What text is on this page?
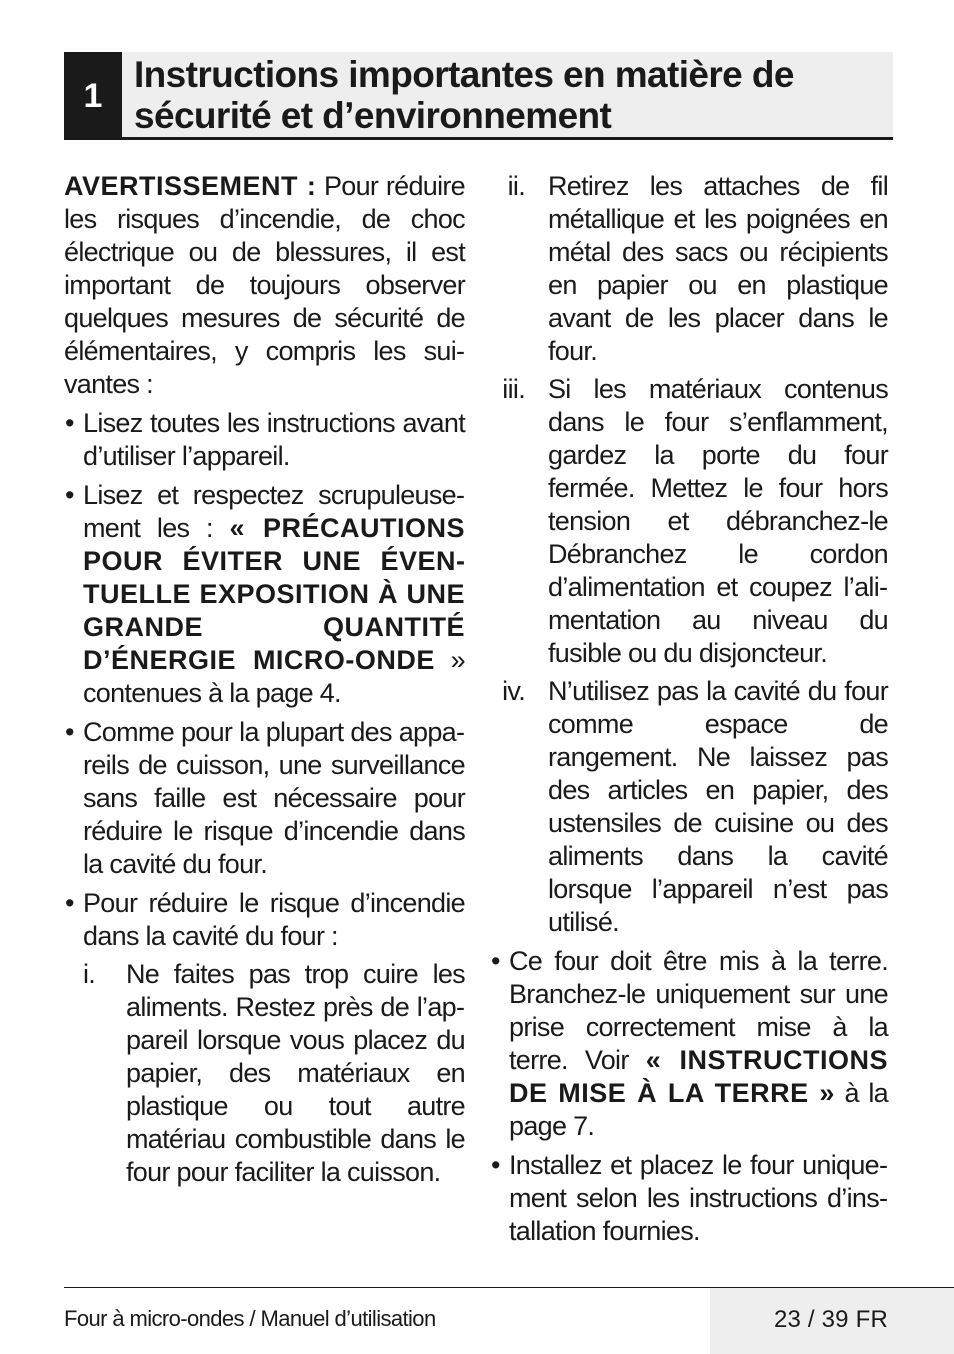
1
Instructions importantes en matière de sécurité et d’environnement

AVERTISSEMENT : Pour réduire les risques d’incendie, de choc électrique ou de blessures, il est important de toujours observer quelques mesures de sécurité de élémentaires, y compris les suivantes :

• Lisez toutes les instructions avant d’utiliser l’appareil.
• Lisez et respectez scrupuleusement les : « PRÉCAUTIONS POUR ÉVITER UNE ÉVENTUELLE EXPOSITION À UNE GRANDE QUANTITÉ D’ÉNERGIE MICRO-ONDE » contenues à la page 4.
• Comme pour la plupart des appareils de cuisson, une surveillance sans faille est nécessaire pour réduire le risque d’incendie dans la cavité du four.
• Pour réduire le risque d’incendie dans la cavité du four :
i. Ne faites pas trop cuire les aliments. Restez près de l’appareil lorsque vous placez du papier, des matériaux en plastique ou tout autre matériau combustible dans le four pour faciliter la cuisson.
ii. Retirez les attaches de fil métallique et les poignées en métal des sacs ou récipients en papier ou en plastique avant de les placer dans le four.
iii. Si les matériaux contenus dans le four s’enflamment, gardez la porte du four fermée. Mettez le four hors tension et débranchez-le Débranchez le cordon d’alimentation et coupez l’alimentation au niveau du fusible ou du disjoncteur.
iv. N’utilisez pas la cavité du four comme espace de rangement. Ne laissez pas des articles en papier, des ustensiles de cuisine ou des aliments dans la cavité lorsque l’appareil n’est pas utilisé.
• Ce four doit être mis à la terre. Branchez-le uniquement sur une prise correctement mise à la terre. Voir « INSTRUCTIONS DE MISE À LA TERRE » à la page 7.
• Installez et placez le four uniquement selon les instructions d’installation fournies.
Four à micro-ondes / Manuel d’utilisation	23 / 39 FR
